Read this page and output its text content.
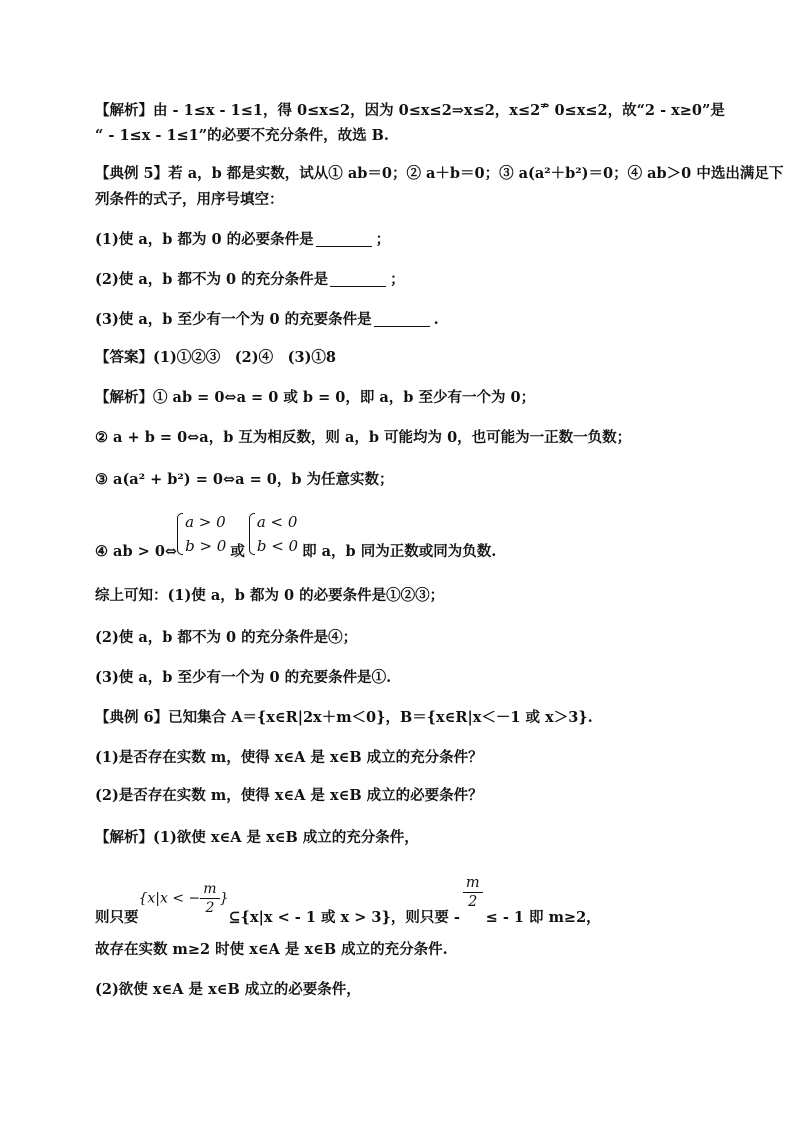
【解析】由 - 1≤x - 1≤1，得 0≤x≤2，因为 0≤x≤2⇒x≤2，x≤2⇏ 0≤x≤2，故“2 - x≥0”是
“ - 1≤x - 1≤1”的必要不充分条件，故选 B.
【典例 5】若 a，b 都是实数，试从① ab＝0；② a＋b＝0；③ a(a²＋b²)＝0；④ ab＞0 中选出满足下
列条件的式子，用序号填空：
(1)使 a，b 都为 0 的必要条件是	；
(2)使 a，b 都不为 0 的充分条件是	；
(3)使 a，b 至少有一个为 0 的充要条件是	.
【答案】(1)①②③　(2)④　(3)①8
【解析】① ab = 0⇔a = 0 或 b = 0，即 a，b 至少有一个为 0；
② a + b = 0⇔a，b 互为相反数，则 a，b 可能均为 0，也可能为一正数一负数；
③ a(a² + b²) = 0⇔a = 0，b 为任意实数；
④ ab > 0⇔
a > 0
b > 0 或
a < 0
b < 0 即 a，b 同为正数或同为负数.
综上可知：(1)使 a，b 都为 0 的必要条件是①②③；
(2)使 a，b 都不为 0 的充分条件是④；
(3)使 a，b 至少有一个为 0 的充要条件是①.
【典例 6】已知集合 A＝{x∈R|2x＋m＜0}，B＝{x∈R|x＜－1 或 x＞3}.
(1)是否存在实数 m，使得 x∈A 是 x∈B 成立的充分条件？
(2)是否存在实数 m，使得 x∈A 是 x∈B 成立的必要条件？
【解析】(1)欲使 x∈A 是 x∈B 成立的充分条件，
则只要{x|x < − $\frac{m}{2}$ }⊆{x|x < - 1 或 x > 3}，则只要 -
$\frac{m}{2}$
≤ - 1 即 m≥2，
故存在实数 m≥2 时使 x∈A 是 x∈B 成立的充分条件.
(2)欲使 x∈A 是 x∈B 成立的必要条件，
